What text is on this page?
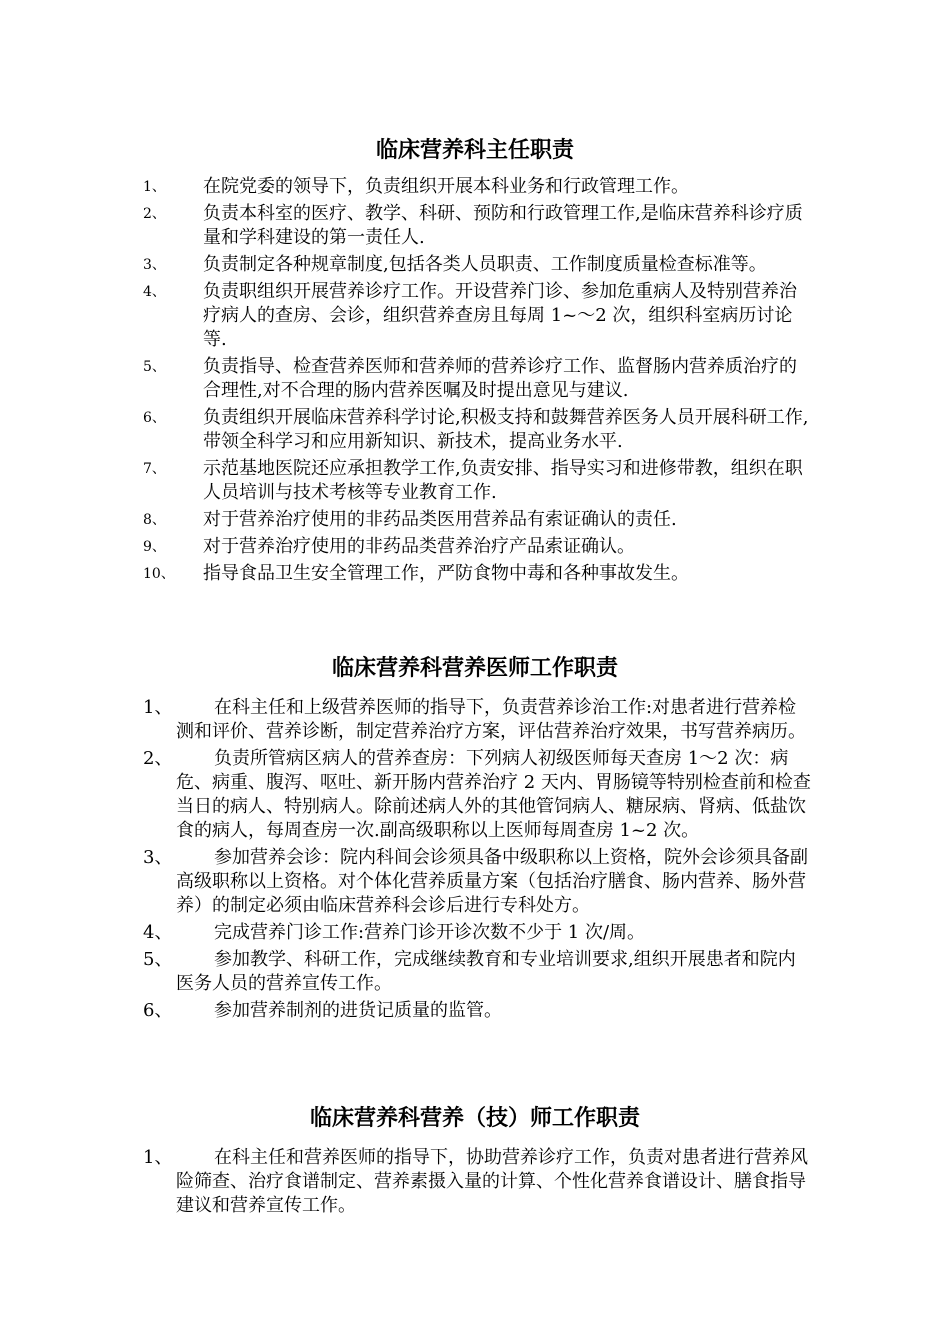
临床营养科主任职责
1、 在院党委的领导下，负责组织开展本科业务和行政管理工作。
2、 负责本科室的医疗、教学、科研、预防和行政管理工作,是临床营养科诊疗质量和学科建设的第一责任人.
3、 负责制定各种规章制度,包括各类人员职责、工作制度质量检查标准等。
4、 负责职组织开展营养诊疗工作。开设营养门诊、参加危重病人及特别营养治疗病人的查房、会诊，组织营养查房且每周 1~～2 次，组织科室病历讨论等.
5、 负责指导、检查营养医师和营养师的营养诊疗工作、监督肠内营养质治疗的合理性,对不合理的肠内营养医嘱及时提出意见与建议.
6、 负责组织开展临床营养科学讨论,积极支持和鼓舞营养医务人员开展科研工作,带领全科学习和应用新知识、新技术，提高业务水平.
7、 示范基地医院还应承担教学工作,负责安排、指导实习和进修带教，组织在职人员培训与技术考核等专业教育工作.
8、 对于营养治疗使用的非药品类医用营养品有索证确认的责任.
9、 对于营养治疗使用的非药品类营养治疗产品索证确认。
10、 指导食品卫生安全管理工作，严防食物中毒和各种事故发生。
临床营养科营养医师工作职责
1、 在科主任和上级营养医师的指导下，负责营养诊治工作:对患者进行营养检测和评价、营养诊断，制定营养治疗方案，评估营养治疗效果，书写营养病历。
2、 负责所管病区病人的营养查房：下列病人初级医师每天查房 1～2 次：病危、病重、腹泻、呕吐、新开肠内营养治疗 2 天内、胃肠镜等特别检查前和检查当日的病人、特别病人。除前述病人外的其他管饲病人、糖尿病、肾病、低盐饮食的病人，每周查房一次.副高级职称以上医师每周查房 1~2 次。
3、 参加营养会诊：院内科间会诊须具备中级职称以上资格，院外会诊须具备副高级职称以上资格。对个体化营养质量方案（包括治疗膳食、肠内营养、肠外营养）的制定必须由临床营养科会诊后进行专科处方。
4、 完成营养门诊工作:营养门诊开诊次数不少于 1 次/周。
5、 参加教学、科研工作，完成继续教育和专业培训要求,组织开展患者和院内医务人员的营养宣传工作。
6、 参加营养制剂的进货记质量的监管。
临床营养科营养（技）师工作职责
1、 在科主任和营养医师的指导下，协助营养诊疗工作，负责对患者进行营养风险筛查、治疗食谱制定、营养素摄入量的计算、个性化营养食谱设计、膳食指导建议和营养宣传工作。
